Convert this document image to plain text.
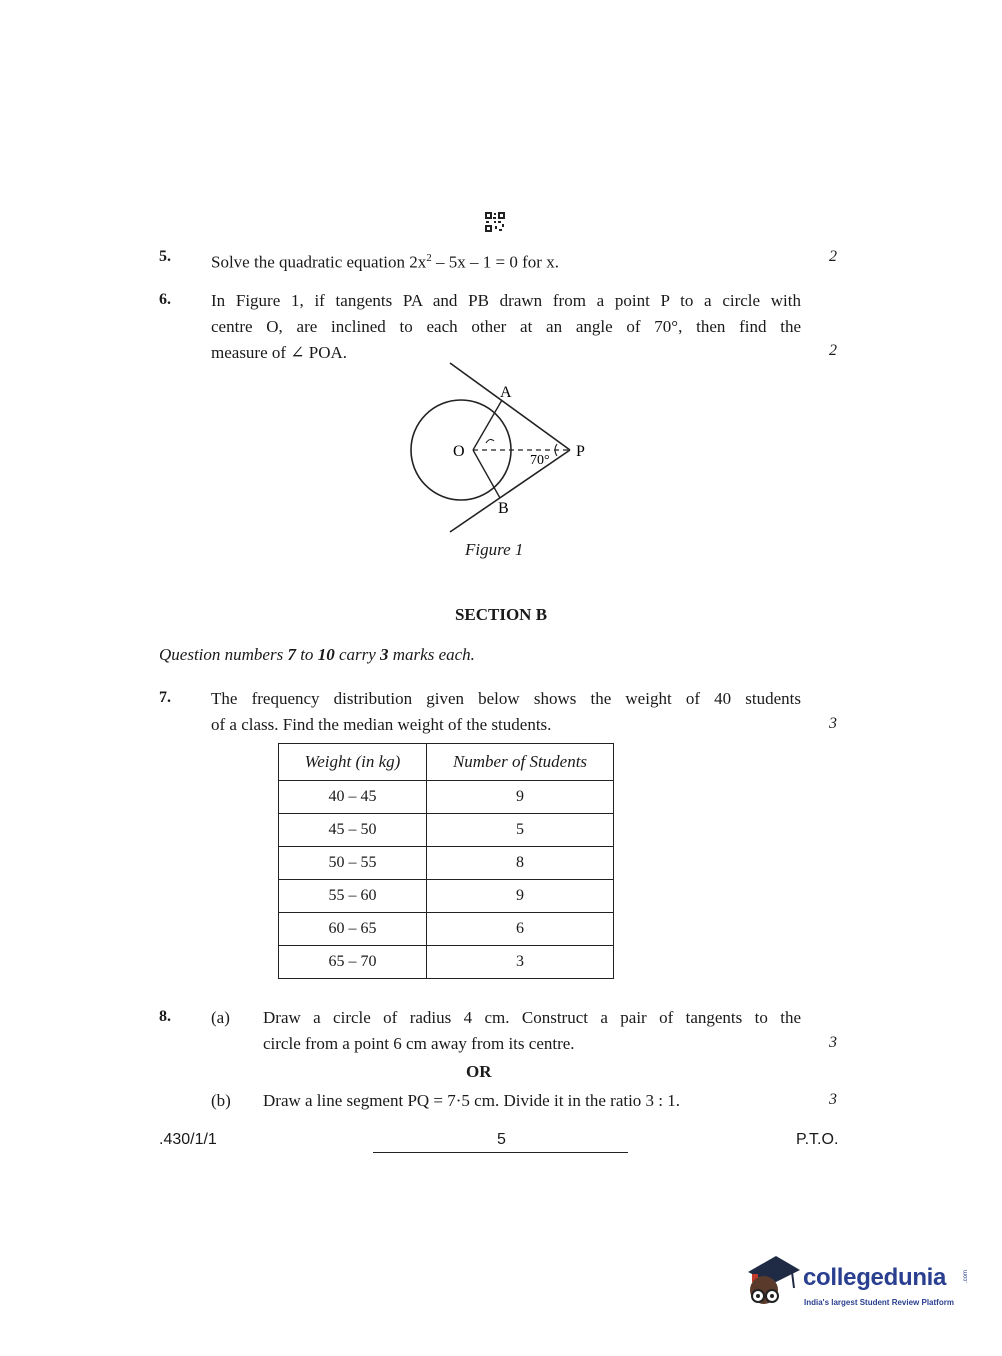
5. Solve the quadratic equation $2x^2 - 5x - 1 = 0$ for x.	2
6. In Figure 1, if tangents PA and PB drawn from a point P to a circle with
centre O, are inclined to each other at an angle of 70°, then find the
measure of ∠ POA.	2
A
B
O	P
70°
Figure 1
SECTION B
Question numbers 7 to 10 carry 3 marks each.
7. The frequency distribution given below shows the weight of 40 students
of a class. Find the median weight of the students.	3
Weight (in kg)	Number of Students
40 – 45	9
45 – 50	5
50 – 55	8
55 – 60	9
60 – 65	6
65 – 70	3
8. (a) Draw a circle of radius 4 cm. Construct a pair of tangents to the
circle from a point 6 cm away from its centre.	3
OR
(b) Draw a line segment PQ = 7·5 cm. Divide it in the ratio 3 : 1.	3
.430/1/1	5	P.T.O.
collegedunia	.com
India's largest Student Review Platform
